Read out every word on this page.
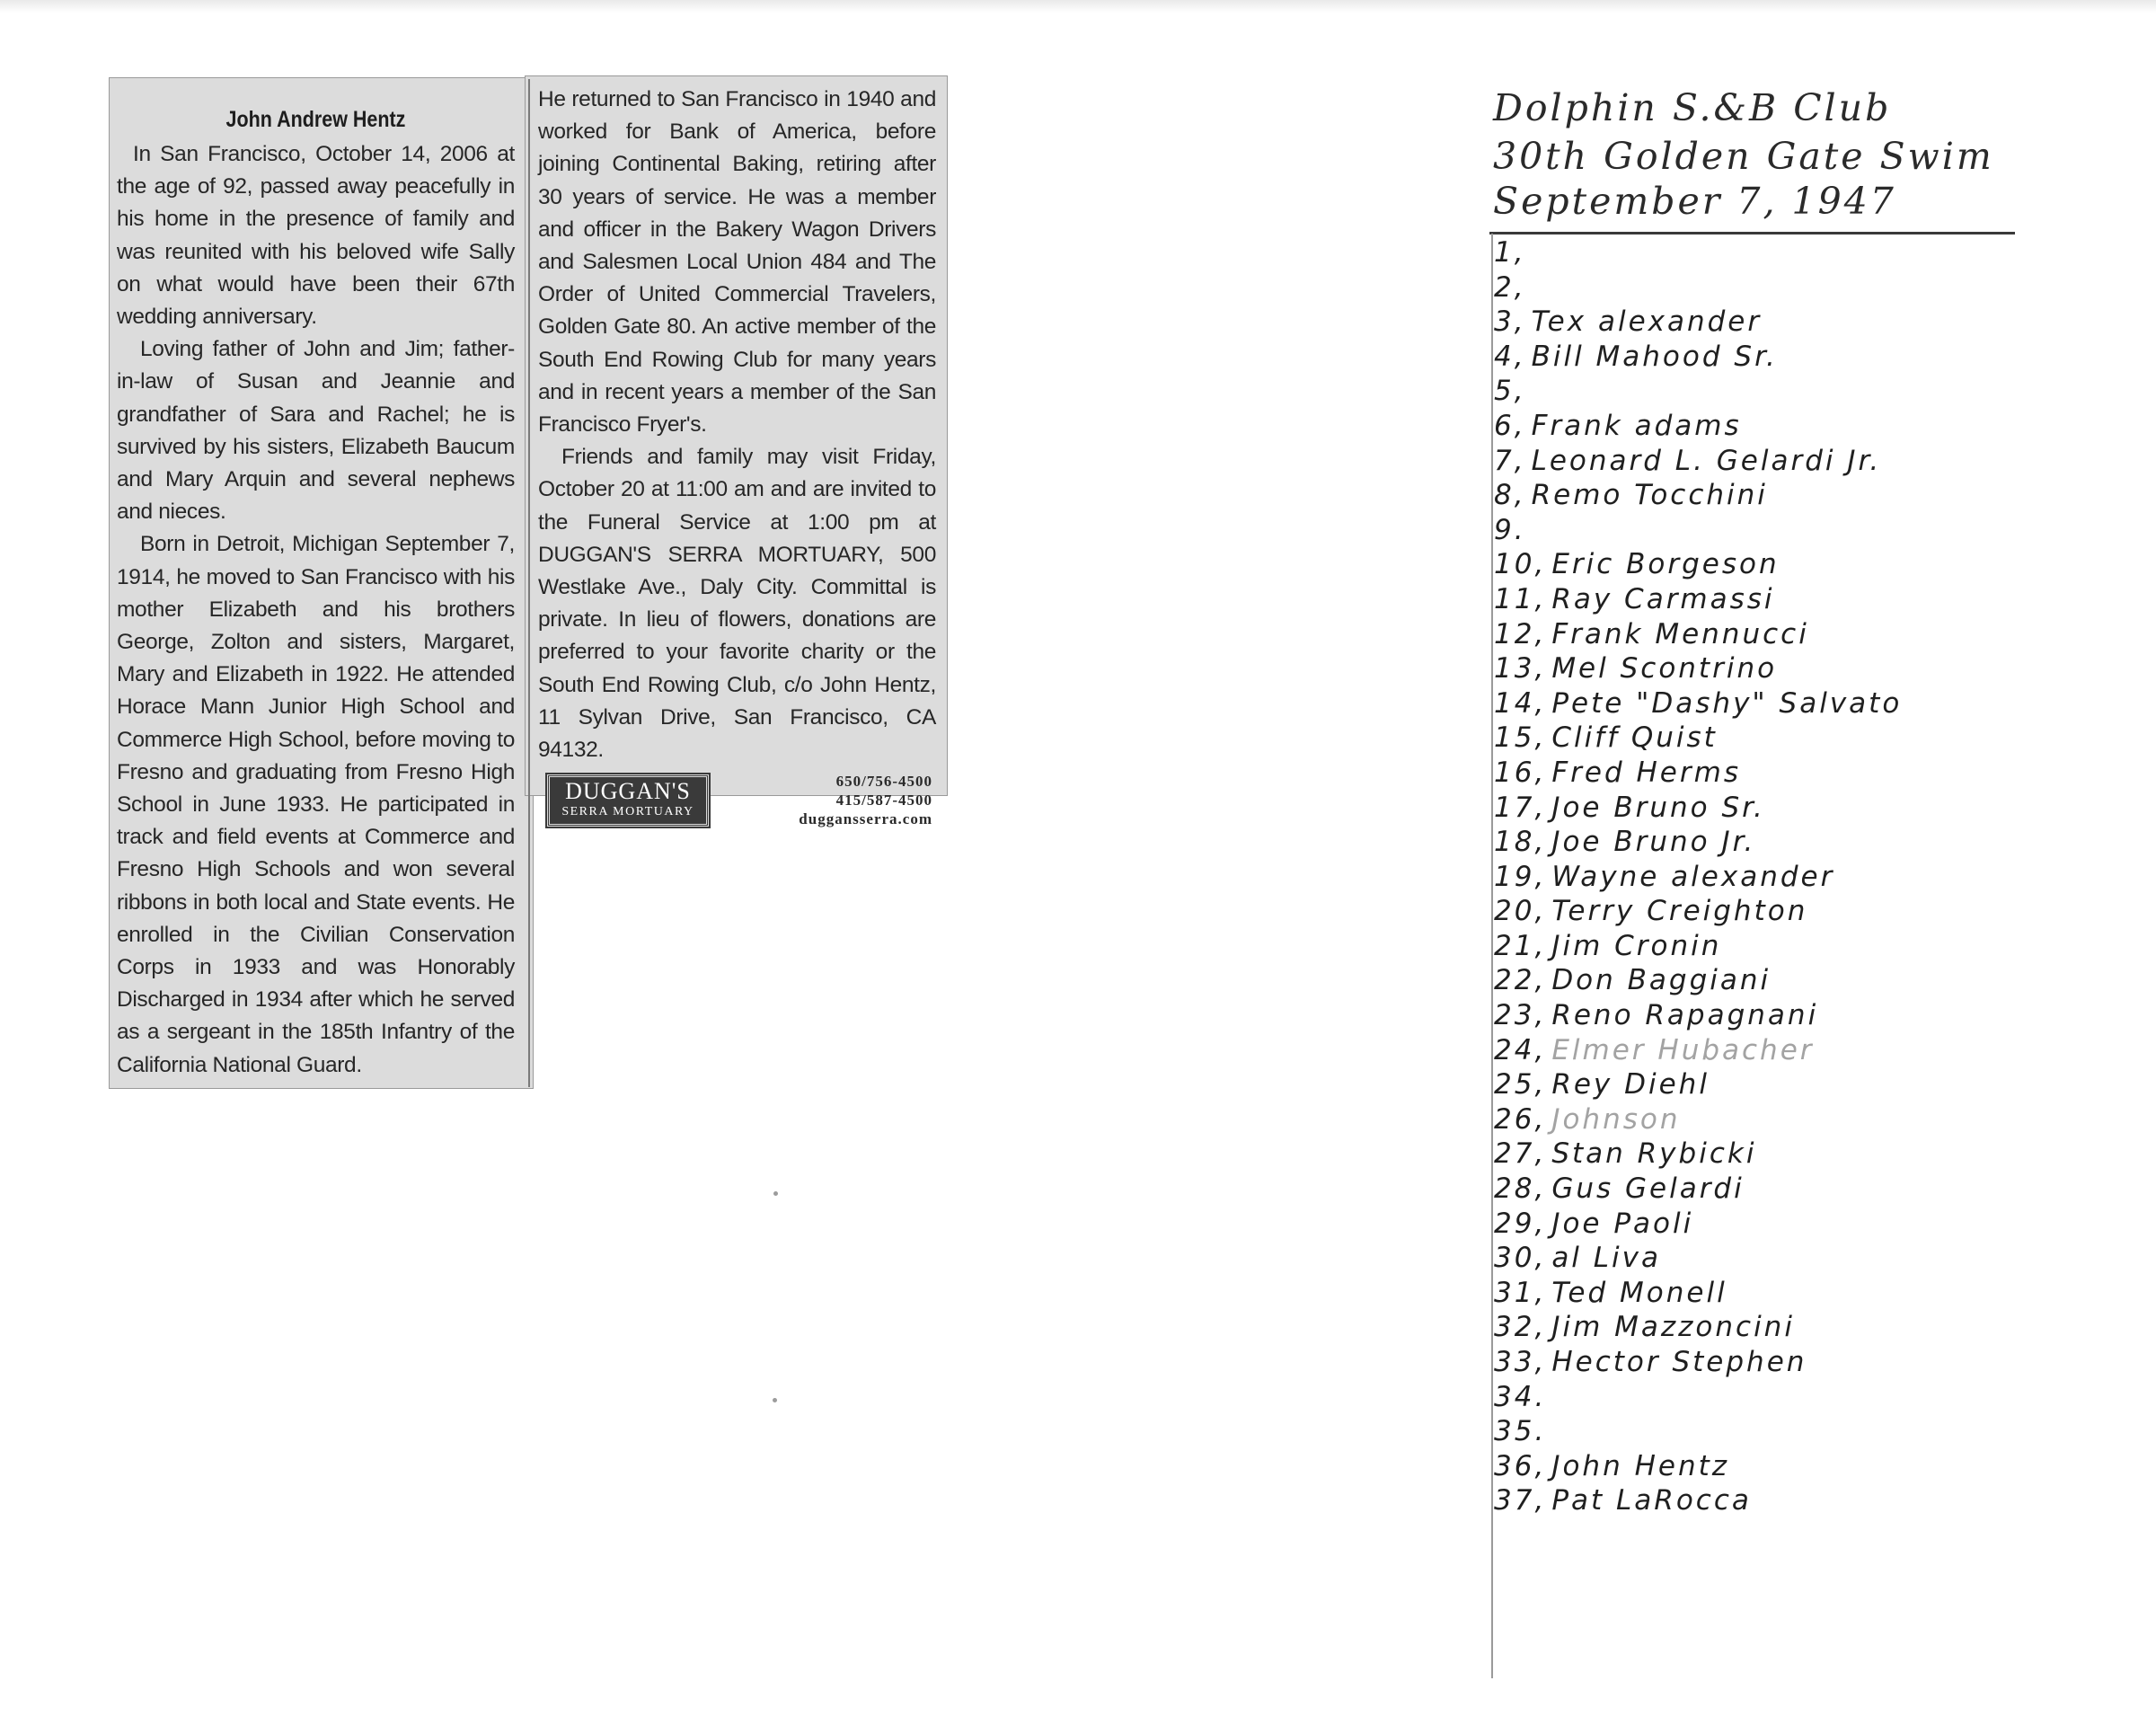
John Andrew Hentz

In San Francisco, October 14, 2006 at the age of 92, passed away peacefully in his home in the presence of family and was reunited with his beloved wife Sally on what would have been their 67th wedding anniversary.

Loving father of John and Jim; father-in-law of Susan and Jeannie and grandfather of Sara and Rachel; he is survived by his sisters, Elizabeth Baucum and Mary Arquin and several nephews and nieces.

Born in Detroit, Michigan September 7, 1914, he moved to San Francisco with his mother Elizabeth and his brothers George, Zolton and sisters, Margaret, Mary and Elizabeth in 1922. He attended Horace Mann Junior High School and Commerce High School, before moving to Fresno and graduating from Fresno High School in June 1933. He participated in track and field events at Commerce and Fresno High Schools and won several ribbons in both local and State events. He enrolled in the Civilian Conservation Corps in 1933 and was Honorably Discharged in 1934 after which he served as a sergeant in the 185th Infantry of the California National Guard.

He returned to San Francisco in 1940 and worked for Bank of America, before joining Continental Baking, retiring after 30 years of service. He was a member and officer in the Bakery Wagon Drivers and Salesmen Local Union 484 and The Order of United Commercial Travelers, Golden Gate 80. An active member of the South End Rowing Club for many years and in recent years a member of the San Francisco Fryer's.

Friends and family may visit Friday, October 20 at 11:00 am and are invited to the Funeral Service at 1:00 pm at DUGGAN'S SERRA MORTUARY, 500 Westlake Ave., Daly City. Committal is private. In lieu of flowers, donations are preferred to your favorite charity or the South End Rowing Club, c/o John Hentz, 11 Sylvan Drive, San Francisco, CA 94132.

DUGGAN'S
SERRA MORTUARY
650/756-4500
415/587-4500
duggansserra.com
Dolphin S.&B Club
30th Golden Gate Swim
September 7, 1947
1,
2,
3, Tex alexander
4, Bill Mahood Sr.
5,
6, Frank adams
7, Leonard L. Gelardi Jr.
8, Remo Tocchini
9.
10, Eric Borgeson
11, Ray Carmassi
12, Frank Mennucci
13, Mel Scontrino
14, Pete "Dashy" Salvato
15, Cliff Quist
16, Fred Herms
17, Joe Bruno Sr.
18, Joe Bruno Jr.
19, Wayne alexander
20, Terry Creighton
21, Jim Cronin
22, Don Baggiani
23, Reno Rapagnani
24, Elmer Hubacher
25, Rey Diehl
26, Johnson
27, Stan Rybicki
28, Gus Gelardi
29, Joe Paoli
30, al Liva
31, Ted Monell
32, Jim Mazzoncini
33, Hector Stephen
34.
35.
36, John Hentz
37, Pat LaRocca
